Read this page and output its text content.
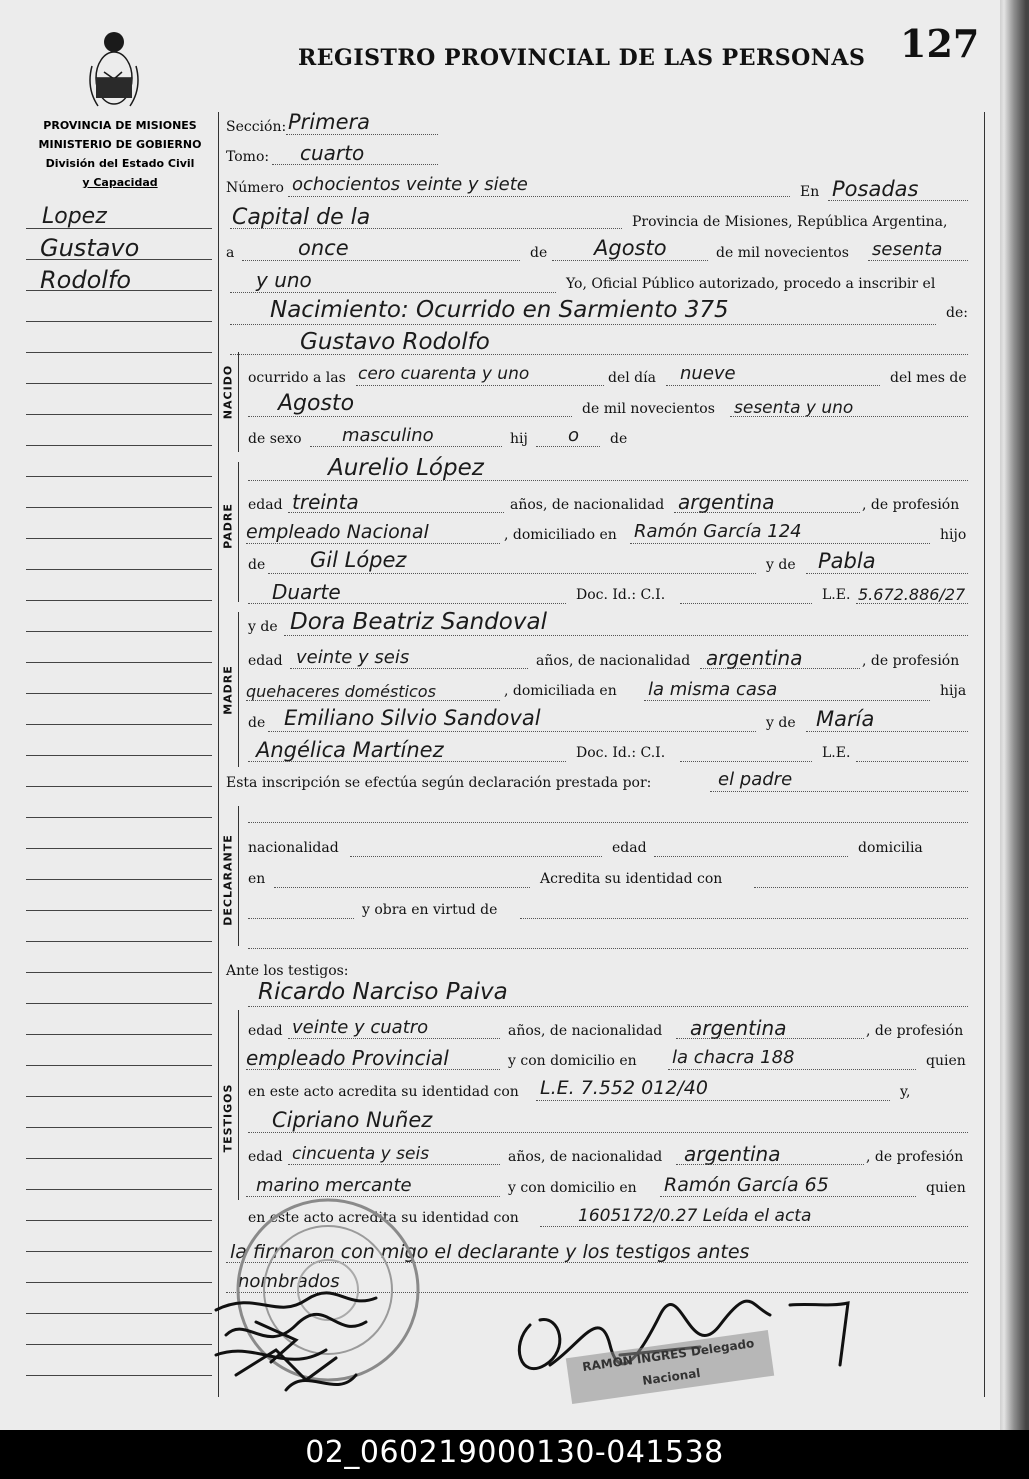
REGISTRO PROVINCIAL DE LAS PERSONAS 127
PROVINCIA DE MISIONES
MINISTERIO DE GOBIERNO
División del Estado Civil
y Capacidad
Lopez
Gustavo
Rodolfo
NACIDO
PADRE
MADRE
DECLARANTE
TESTIGOS
Sección: Primera
Tomo: cuarto
Número ochocientos veinte y siete	En Posadas
Capital de la	Provincia de Misiones, República Argentina,
a	once	de Agosto	de mil novecientos sesenta
y uno	Yo, Oficial Público autorizado, procedo a inscribir el
Nacimiento: Ocurrido en Sarmiento 375	de:
Gustavo Rodolfo
ocurrido a las cero cuarenta y uno	del día nueve	del mes de
Agosto	de mil novecientos sesenta y uno
de sexo masculino	hij o de
Aurelio López
edad treinta	años, de nacionalidad argentina	, de profesión
empleado Nacional	, domiciliado en Ramón García 124	hijo
de Gil López	y de Pabla
Duarte	Doc. Id.: C.I.	L.E. 5.672.886/27
y de Dora Beatriz Sandoval
edad veinte y seis	años, de nacionalidad argentina	, de profesión
quehaceres domésticos	, domiciliada en la misma casa	hija
de Emiliano Silvio Sandoval	y de María
Angélica Martínez	Doc. Id.: C.I.	L.E.
Esta inscripción se efectúa según declaración prestada por:	el padre
nacionalidad	edad	domicilia
en	Acredita su identidad con
y obra en virtud de
Ante los testigos:
Ricardo Narciso Paiva
edad veinte y cuatro	años, de nacionalidad argentina	, de profesión
empleado Provincial	y con domicilio en la chacra 188	quien
en este acto acredita su identidad con L.E. 7.552 012/40	y,
Cipriano Nuñez
edad cincuenta y seis	años, de nacionalidad argentina	, de profesión
marino mercante	y con domicilio en Ramón García 65	quien
en este acto acredita su identidad con	1605172/0.27 Leída el acta
la firmaron con migo el declarante y los testigos antes
nombrados
RAMON INGRES Delegado Nacional
02_060219000130-041538
